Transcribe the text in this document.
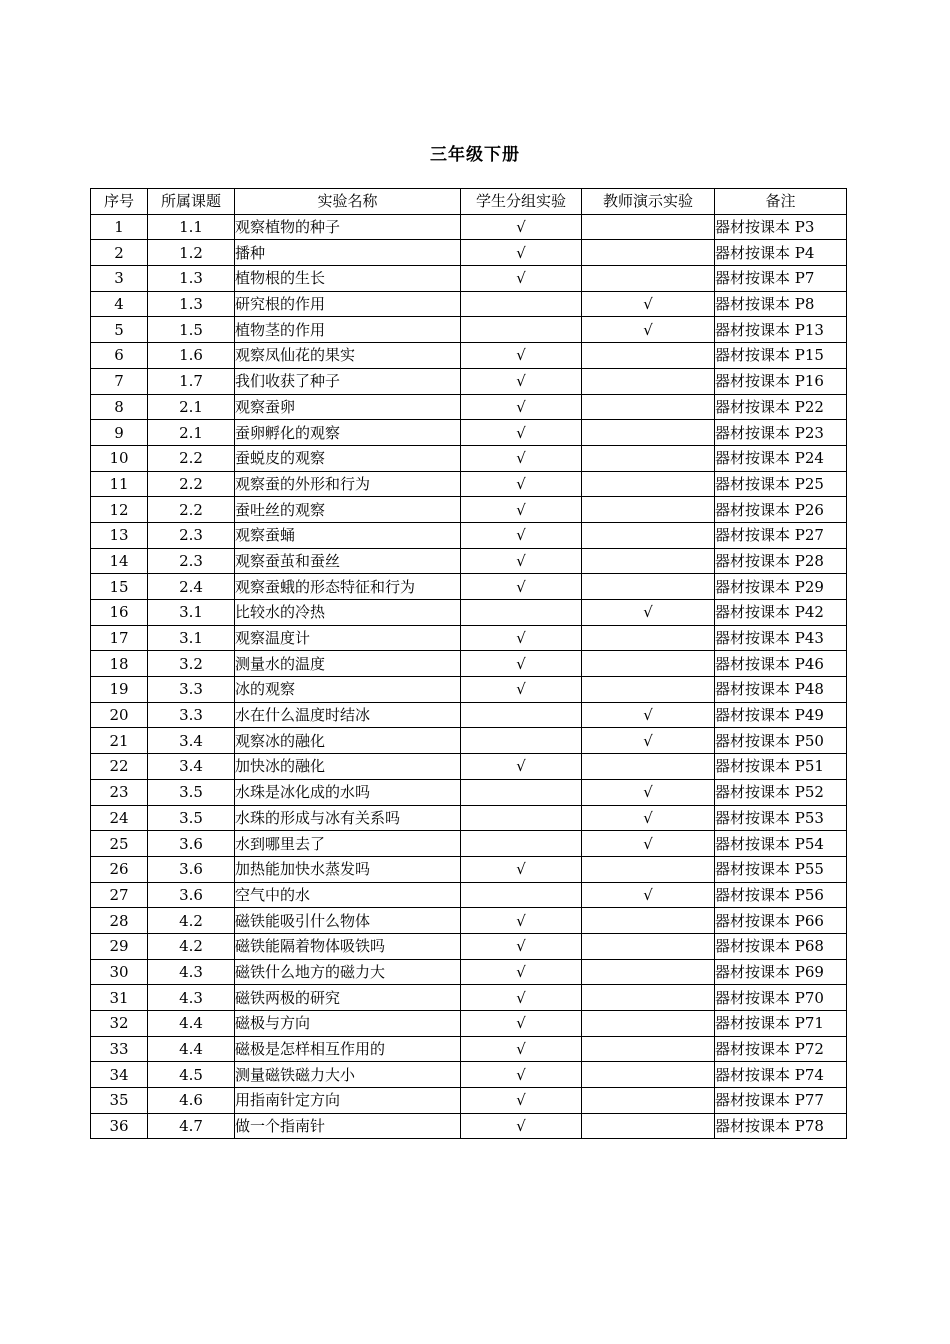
三年级下册
序号	所属课题	实验名称	学生分组实验	教师演示实验	备注
1	1.1	观察植物的种子	√		器材按课本 P3
2	1.2	播种	√		器材按课本 P4
3	1.3	植物根的生长	√		器材按课本 P7
4	1.3	研究根的作用		√	器材按课本 P8
5	1.5	植物茎的作用		√	器材按课本 P13
6	1.6	观察凤仙花的果实	√		器材按课本 P15
7	1.7	我们收获了种子	√		器材按课本 P16
8	2.1	观察蚕卵	√		器材按课本 P22
9	2.1	蚕卵孵化的观察	√		器材按课本 P23
10	2.2	蚕蜕皮的观察	√		器材按课本 P24
11	2.2	观察蚕的外形和行为	√		器材按课本 P25
12	2.2	蚕吐丝的观察	√		器材按课本 P26
13	2.3	观察蚕蛹	√		器材按课本 P27
14	2.3	观察蚕茧和蚕丝	√		器材按课本 P28
15	2.4	观察蚕蛾的形态特征和行为	√		器材按课本 P29
16	3.1	比较水的冷热		√	器材按课本 P42
17	3.1	观察温度计	√		器材按课本 P43
18	3.2	测量水的温度	√		器材按课本 P46
19	3.3	冰的观察	√		器材按课本 P48
20	3.3	水在什么温度时结冰		√	器材按课本 P49
21	3.4	观察冰的融化		√	器材按课本 P50
22	3.4	加快冰的融化	√		器材按课本 P51
23	3.5	水珠是冰化成的水吗		√	器材按课本 P52
24	3.5	水珠的形成与冰有关系吗		√	器材按课本 P53
25	3.6	水到哪里去了		√	器材按课本 P54
26	3.6	加热能加快水蒸发吗	√		器材按课本 P55
27	3.6	空气中的水		√	器材按课本 P56
28	4.2	磁铁能吸引什么物体	√		器材按课本 P66
29	4.2	磁铁能隔着物体吸铁吗	√		器材按课本 P68
30	4.3	磁铁什么地方的磁力大	√		器材按课本 P69
31	4.3	磁铁两极的研究	√		器材按课本 P70
32	4.4	磁极与方向	√		器材按课本 P71
33	4.4	磁极是怎样相互作用的	√		器材按课本 P72
34	4.5	测量磁铁磁力大小	√		器材按课本 P74
35	4.6	用指南针定方向	√		器材按课本 P77
36	4.7	做一个指南针	√		器材按课本 P78
